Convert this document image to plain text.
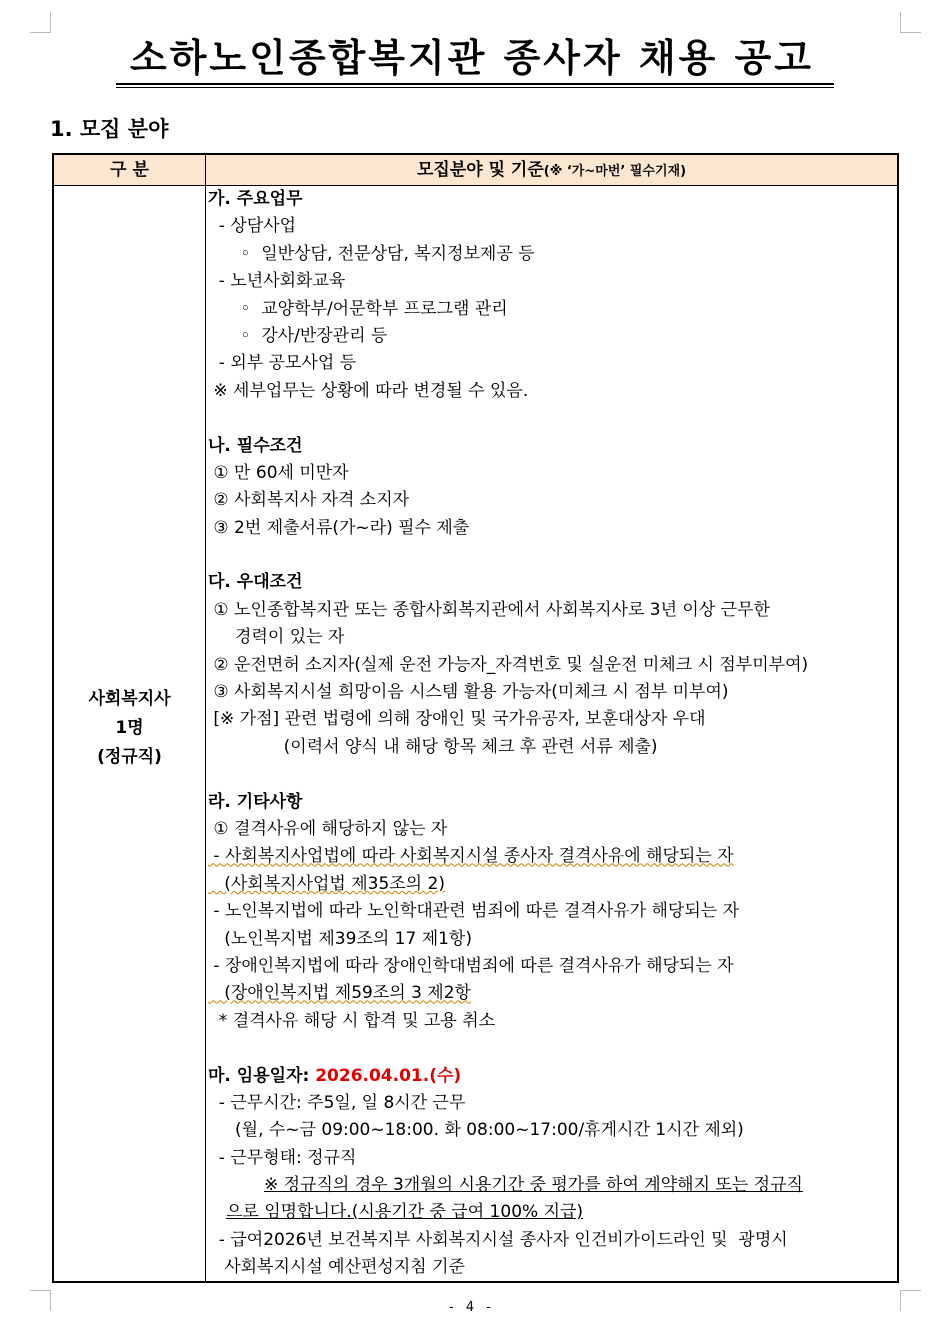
소하노인종합복지관 종사자 채용 공고
1. 모집 분야
구 분	모집분야 및 기준(※ ‘가~마번’ 필수기재)
사회복지사
1명
(정규직)
가. 주요업무
- 상담사업
◦  일반상담, 전문상담, 복지정보제공 등
- 노년사회화교육
◦  교양학부/어문학부 프로그램 관리
◦  강사/반장관리 등
- 외부 공모사업 등
※ 세부업무는 상황에 따라 변경될 수 있음.
나. 필수조건
① 만 60세 미만자
② 사회복지사 자격 소지자
③ 2번 제출서류(가~라) 필수 제출
다. 우대조건
① 노인종합복지관 또는 종합사회복지관에서 사회복지사로 3년 이상 근무한
경력이 있는 자
② 운전면허 소지자(실제 운전 가능자_자격번호 및 실운전 미체크 시 점부미부여)
③ 사회복지시설 희망이음 시스템 활용 가능자(미체크 시 점부 미부여)
[※ 가점] 관련 법령에 의해 장애인 및 국가유공자, 보훈대상자 우대
(이력서 양식 내 해당 항목 체크 후 관련 서류 제출)
라. 기타사항
① 결격사유에 해당하지 않는 자
- 사회복지사업법에 따라 사회복지시설 종사자 결격사유에 해당되는 자
(사회복지사업법 제35조의 2)
- 노인복지법에 따라 노인학대관련 범죄에 따른 결격사유가 해당되는 자
(노인복지법 제39조의 17 제1항)
- 장애인복지법에 따라 장애인학대범죄에 따른 결격사유가 해당되는 자
(장애인복지법 제59조의 3 제2항
* 결격사유 해당 시 합격 및 고용 취소
마. 임용일자: 2026.04.01.(수)
- 근무시간: 주5일, 일 8시간 근무
(월, 수~금 09:00~18:00. 화 08:00~17:00/휴게시간 1시간 제외)
- 근무형태: 정규직
※ 정규직의 경우 3개월의 시용기간 중 평가를 하여 계약해지 또는 정규직
으로 임명합니다.(시용기간 중 급여 100% 지급)
- 급여2026년 보건복지부 사회복지시설 종사자 인건비가이드라인 및  광명시
사회복지시설 예산편성지침 기준
- 4 -
